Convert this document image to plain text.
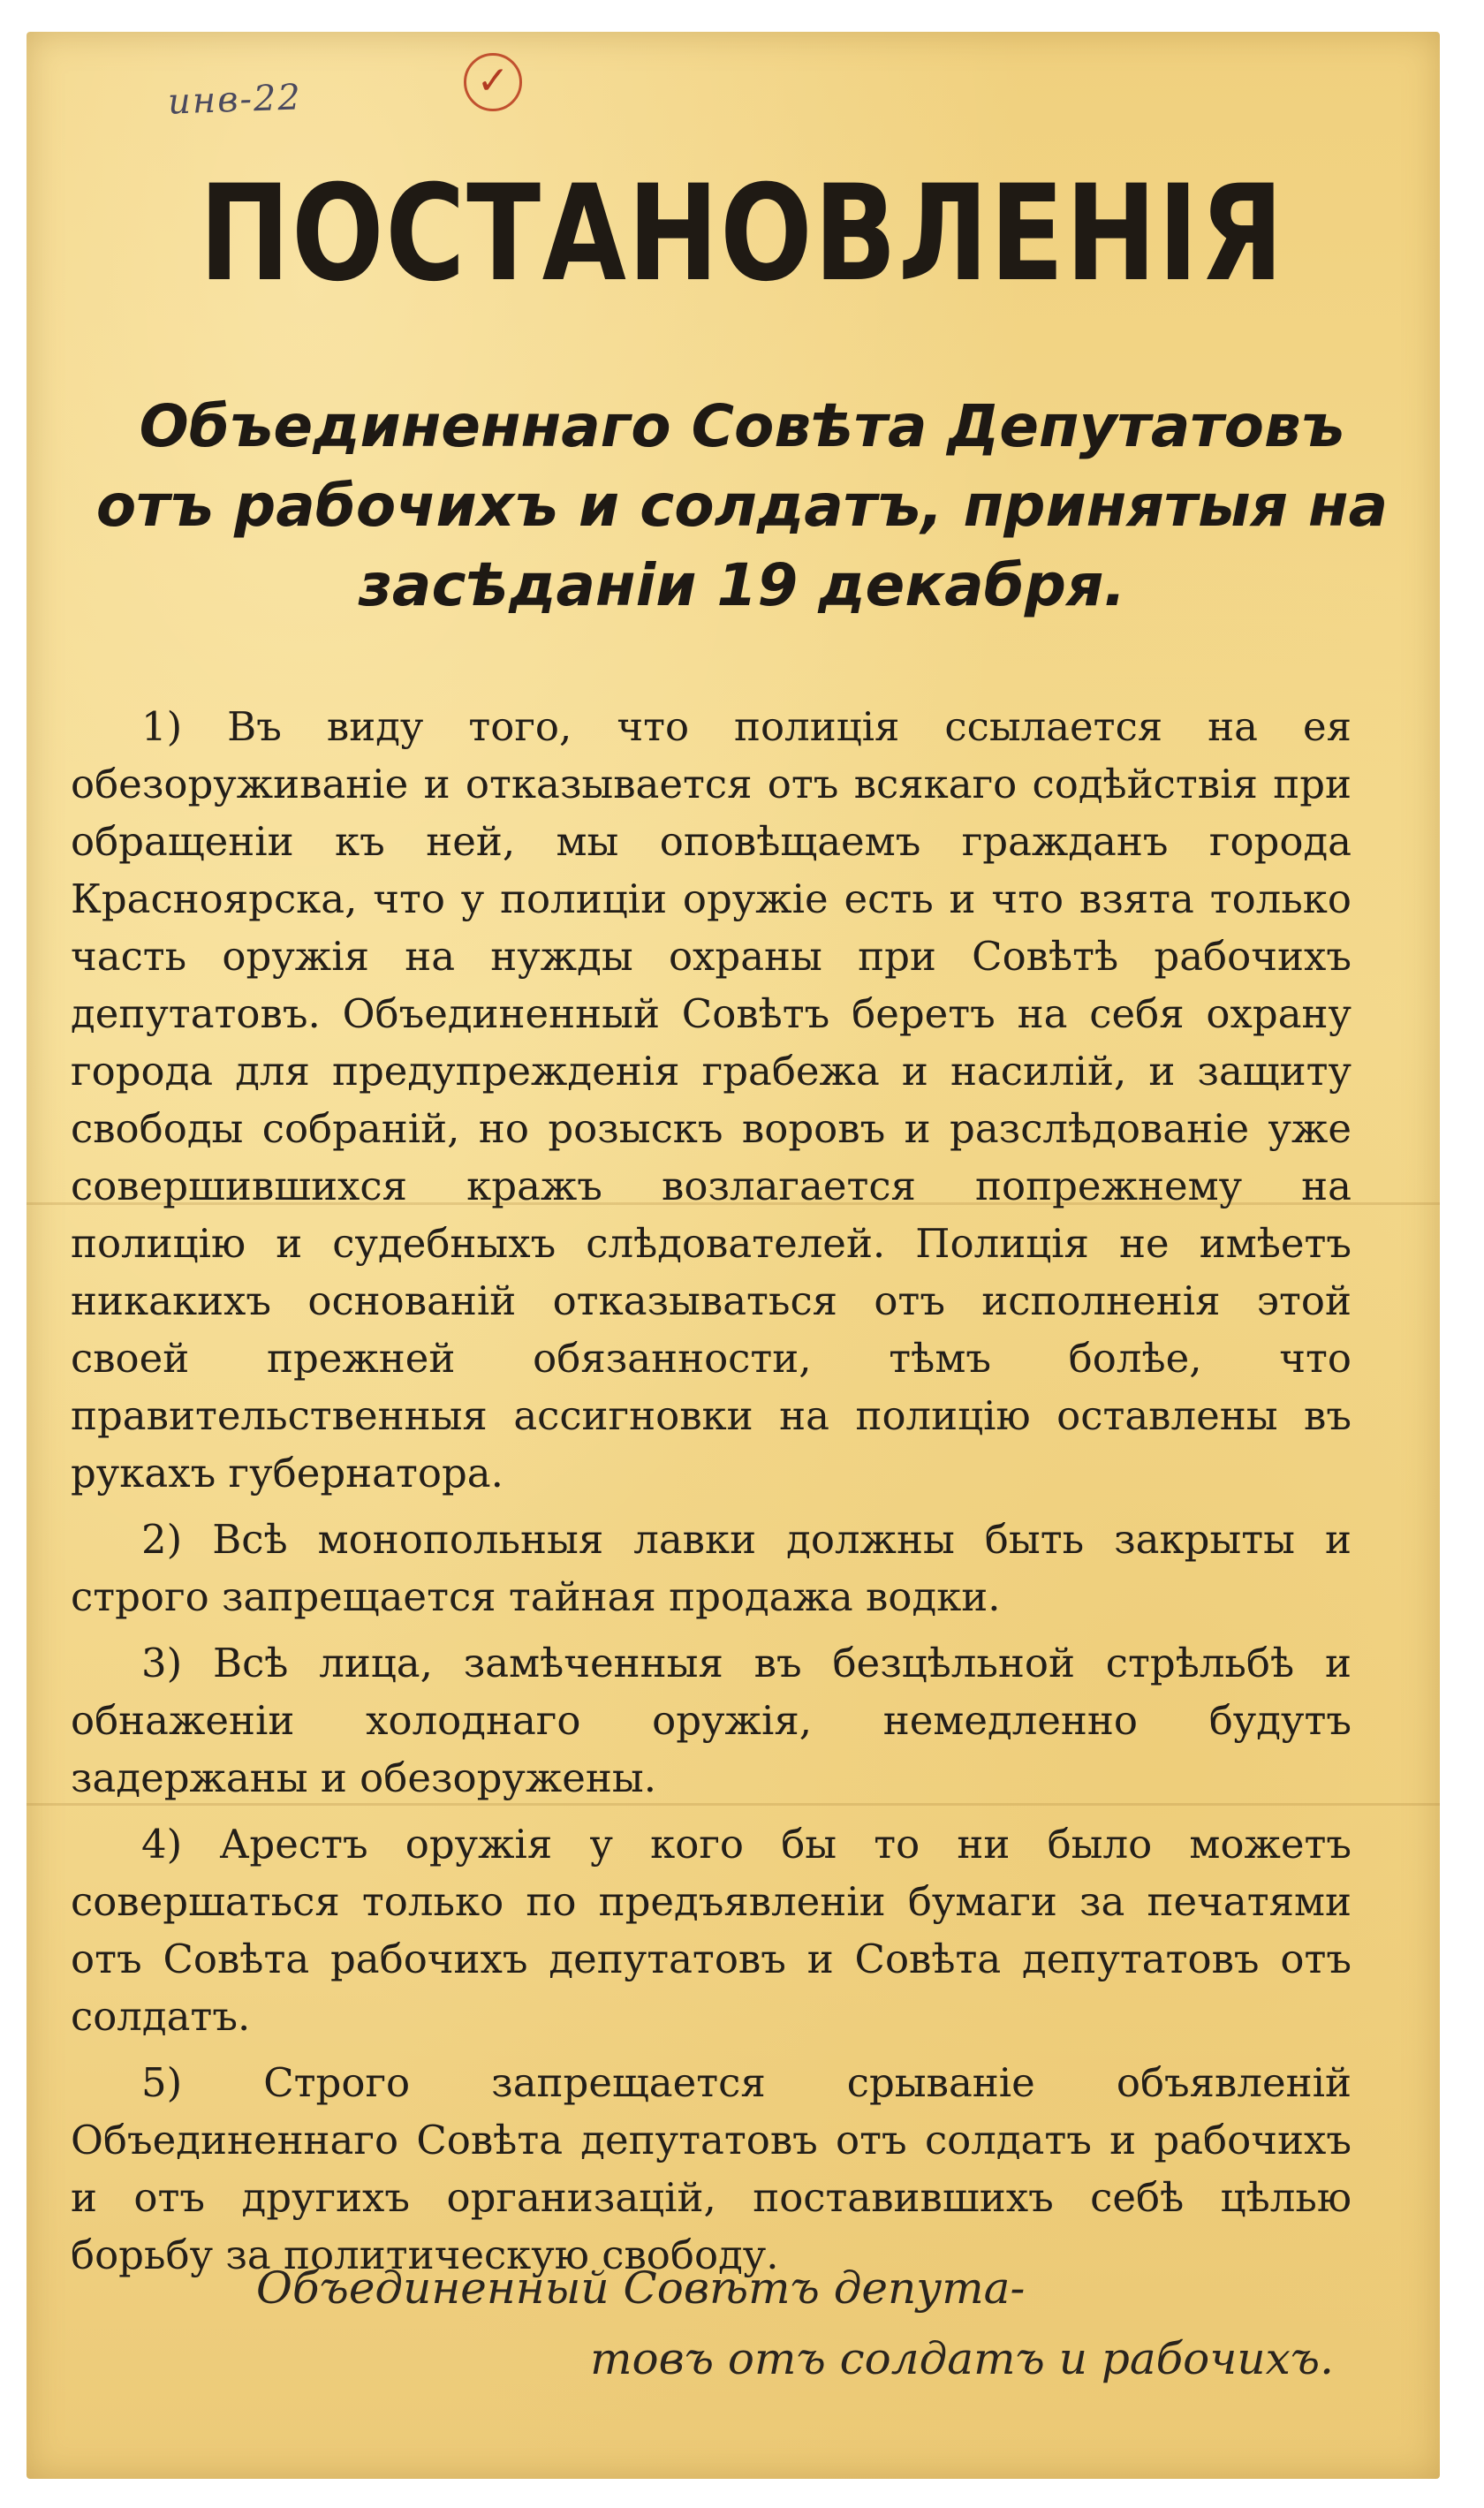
инв-22	✓
ПОСТАНОВЛЕНІЯ
Объединеннаго Совѣта Депутатовъ отъ рабочихъ и солдатъ, принятыя на засѣданіи 19 декабря.

1) Въ виду того, что полиція ссылается на ея обезоруживаніе и отказывается отъ всякаго содѣйствія при обращеніи къ ней, мы оповѣщаемъ гражданъ города Красноярска, что у полиціи оружіе есть и что взята только часть оружія на нужды охраны при Совѣтѣ рабочихъ депутатовъ. Объединенный Совѣтъ беретъ на себя охрану города для предупрежденія грабежа и насилій, и защиту свободы собраній, но розыскъ воровъ и разслѣдованіе уже совершившихся кражъ возлагается попрежнему на полицію и судебныхъ слѣдователей. Полиція не имѣетъ никакихъ основаній отказываться отъ исполненія этой своей прежней обязанности, тѣмъ болѣе, что правительственныя ассигновки на полицію оставлены въ рукахъ губернатора.

2) Всѣ монопольныя лавки должны быть закрыты и строго запрещается тайная продажа водки.

3) Всѣ лица, замѣченныя въ безцѣльной стрѣльбѣ и обнаженіи холоднаго оружія, немедленно будутъ задержаны и обезоружены.

4) Арестъ оружія у кого бы то ни было можетъ совершаться только по предъявленіи бумаги за печатями отъ Совѣта рабочихъ депутатовъ и Совѣта депутатовъ отъ солдатъ.

5) Строго запрещается срываніе объявленій Объединеннаго Совѣта депутатовъ отъ солдатъ и рабочихъ и отъ другихъ организацій, поставившихъ себѣ цѣлью борьбу за политическую свободу.

Объединенный Совѣтъ депута-
товъ отъ солдатъ и рабочихъ.
